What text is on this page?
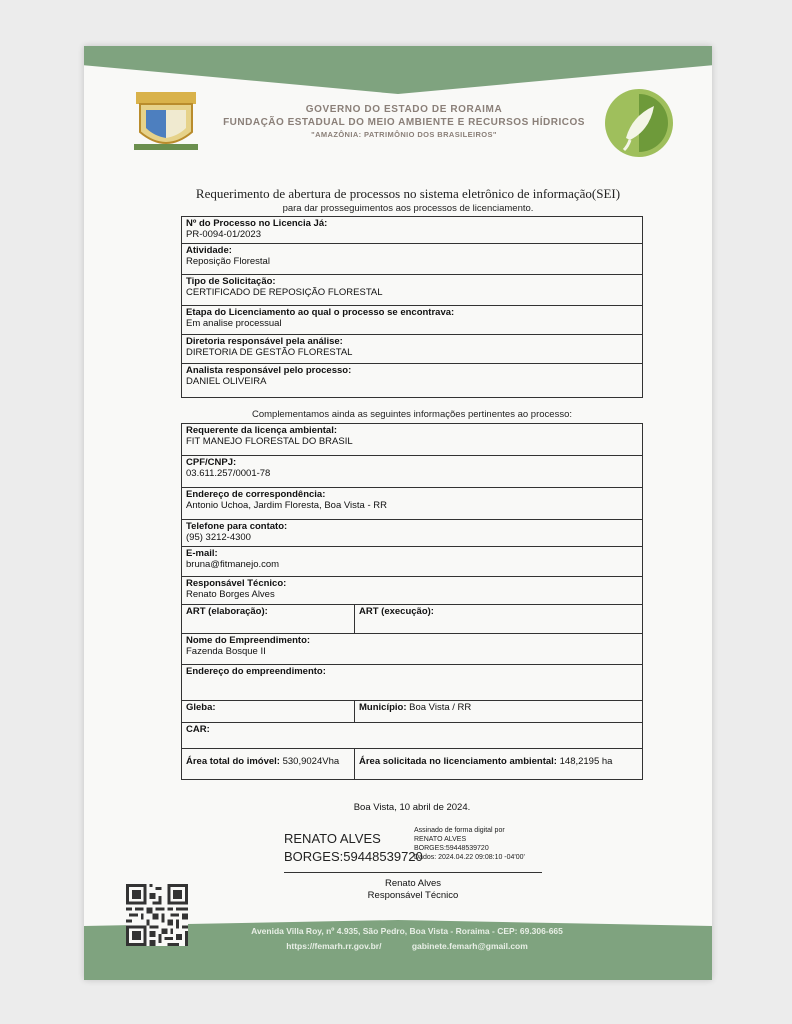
GOVERNO DO ESTADO DE RORAIMA
FUNDAÇÃO ESTADUAL DO MEIO AMBIENTE E RECURSOS HÍDRICOS
"AMAZÔNIA: PATRIMÔNIO DOS BRASILEIROS"
Requerimento de abertura de processos no sistema eletrônico de informação(SEI)
para dar prosseguimentos aos processos de licenciamento.
Nº do Processo no Licencia Já:
PR-0094-01/2023
Atividade:
Reposição Florestal
Tipo de Solicitação:
CERTIFICADO DE REPOSIÇÃO FLORESTAL
Etapa do Licenciamento ao qual o processo se encontrava:
Em analise processual
Diretoria responsável pela análise:
DIRETORIA DE GESTÃO FLORESTAL
Analista responsável pelo processo:
DANIEL OLIVEIRA
Complementamos ainda as seguintes informações pertinentes ao processo:
Requerente da licença ambiental:
FIT MANEJO FLORESTAL DO BRASIL
CPF/CNPJ:
03.611.257/0001-78
Endereço de correspondência:
Antonio Uchoa, Jardim Floresta, Boa Vista - RR
Telefone para contato:
(95) 3212-4300
E-mail:
bruna@fitmanejo.com
Responsável Técnico:
Renato Borges Alves
ART (elaboração):	ART (execução):
Nome do Empreendimento:
Fazenda Bosque II
Endereço do empreendimento:
Gleba:	Município: Boa Vista / RR
CAR:
Área total do imóvel: 530,9024Vha	Área solicitada no licenciamento ambiental: 148,2195 ha
Boa Vista, 10 abril de 2024.
RENATO ALVES
BORGES:59448539720
Assinado de forma digital por
RENATO ALVES
BORGES:59448539720
Dados: 2024.04.22 09:08:10 -04'00'
Renato Alves
Responsável Técnico
Avenida Villa Roy, nº 4.935, São Pedro, Boa Vista - Roraima - CEP: 69.306-665
https://femarh.rr.gov.br/	gabinete.femarh@gmail.com
